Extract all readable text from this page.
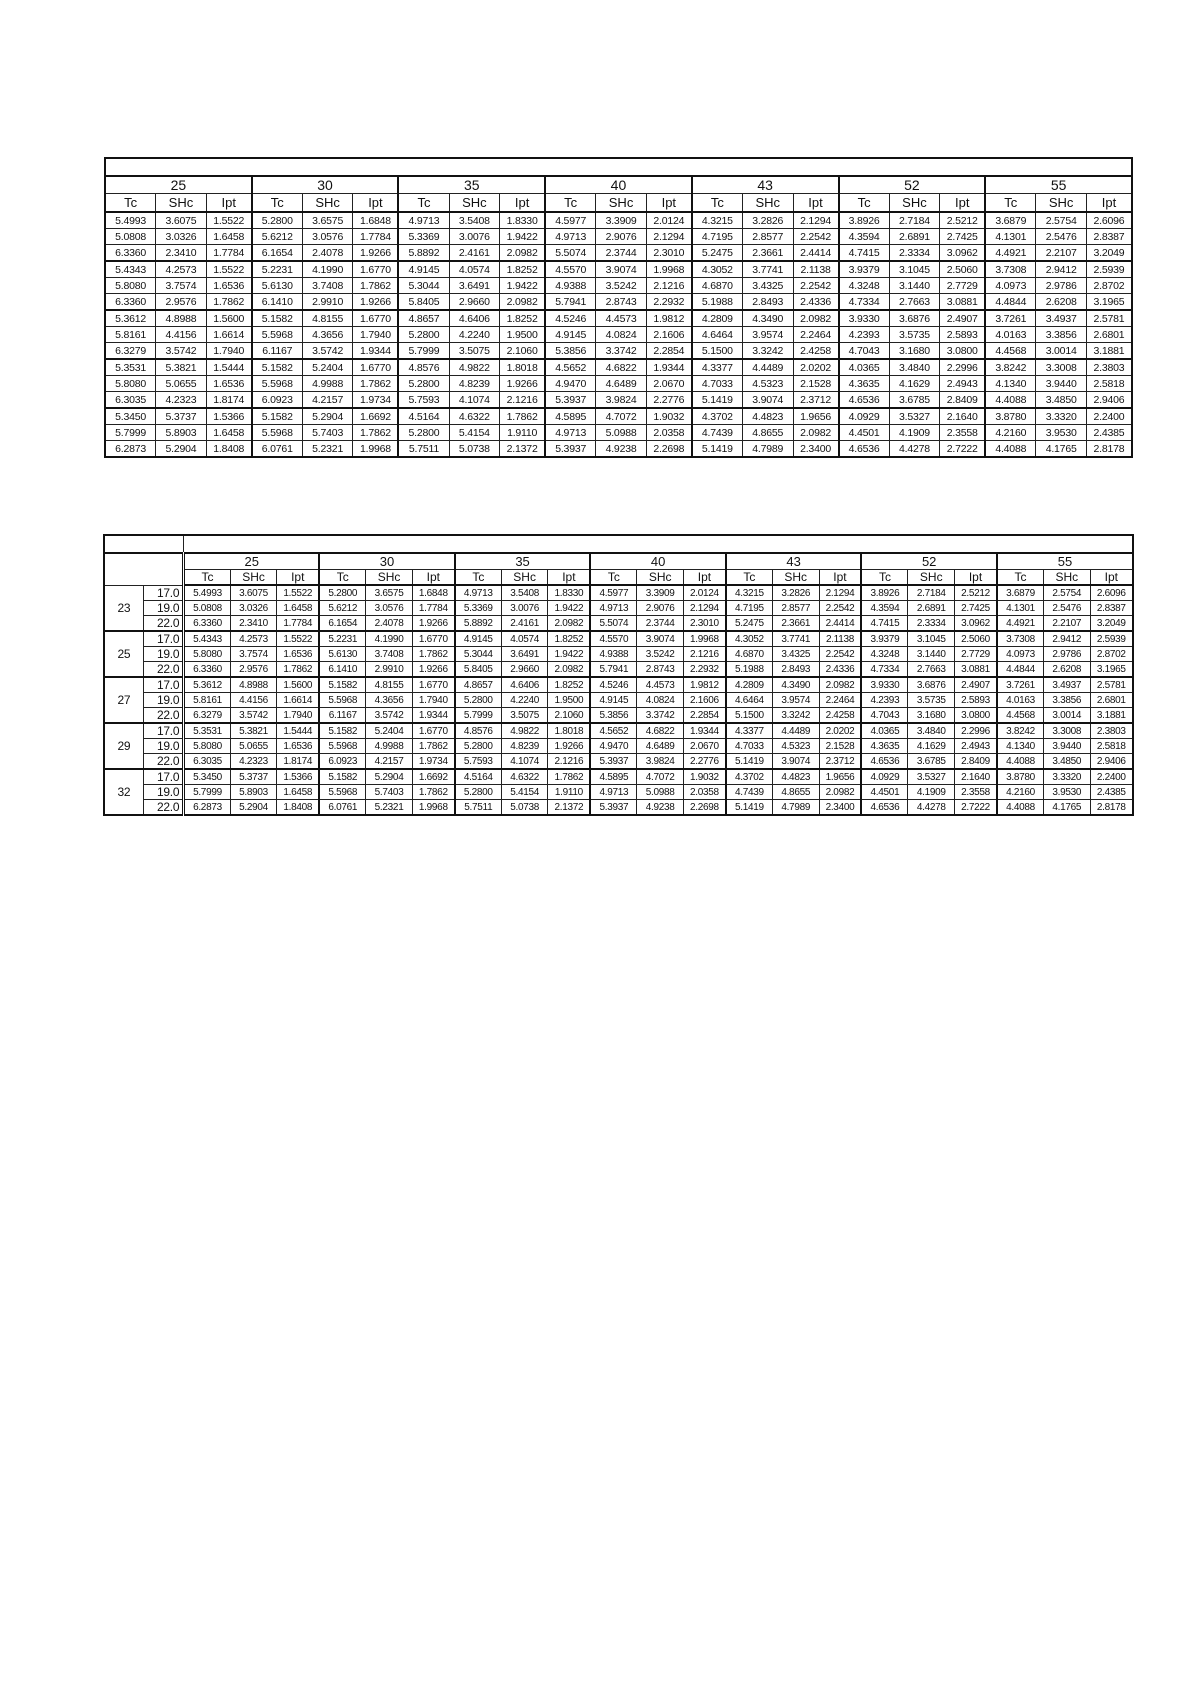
25			30			35			40			43			52			55		
Tc	SHc	Ipt	Tc	SHc	Ipt	Tc	SHc	Ipt	Tc	SHc	Ipt	Tc	SHc	Ipt	Tc	SHc	Ipt	Tc	SHc	Ipt
5.4993	3.6075	1.5522	5.2800	3.6575	1.6848	4.9713	3.5408	1.8330	4.5977	3.3909	2.0124	4.3215	3.2826	2.1294	3.8926	2.7184	2.5212	3.6879	2.5754	2.6096
5.0808	3.0326	1.6458	5.6212	3.0576	1.7784	5.3369	3.0076	1.9422	4.9713	2.9076	2.1294	4.7195	2.8577	2.2542	4.3594	2.6891	2.7425	4.1301	2.5476	2.8387
6.3360	2.3410	1.7784	6.1654	2.4078	1.9266	5.8892	2.4161	2.0982	5.5074	2.3744	2.3010	5.2475	2.3661	2.4414	4.7415	2.3334	3.0962	4.4921	2.2107	3.2049
5.4343	4.2573	1.5522	5.2231	4.1990	1.6770	4.9145	4.0574	1.8252	4.5570	3.9074	1.9968	4.3052	3.7741	2.1138	3.9379	3.1045	2.5060	3.7308	2.9412	2.5939
5.8080	3.7574	1.6536	5.6130	3.7408	1.7862	5.3044	3.6491	1.9422	4.9388	3.5242	2.1216	4.6870	3.4325	2.2542	4.3248	3.1440	2.7729	4.0973	2.9786	2.8702
6.3360	2.9576	1.7862	6.1410	2.9910	1.9266	5.8405	2.9660	2.0982	5.7941	2.8743	2.2932	5.1988	2.8493	2.4336	4.7334	2.7663	3.0881	4.4844	2.6208	3.1965
5.3612	4.8988	1.5600	5.1582	4.8155	1.6770	4.8657	4.6406	1.8252	4.5246	4.4573	1.9812	4.2809	4.3490	2.0982	3.9330	3.6876	2.4907	3.7261	3.4937	2.5781
5.8161	4.4156	1.6614	5.5968	4.3656	1.7940	5.2800	4.2240	1.9500	4.9145	4.0824	2.1606	4.6464	3.9574	2.2464	4.2393	3.5735	2.5893	4.0163	3.3856	2.6801
6.3279	3.5742	1.7940	6.1167	3.5742	1.9344	5.7999	3.5075	2.1060	5.3856	3.3742	2.2854	5.1500	3.3242	2.4258	4.7043	3.1680	3.0800	4.4568	3.0014	3.1881
5.3531	5.3821	1.5444	5.1582	5.2404	1.6770	4.8576	4.9822	1.8018	4.5652	4.6822	1.9344	4.3377	4.4489	2.0202	4.0365	3.4840	2.2996	3.8242	3.3008	2.3803
5.8080	5.0655	1.6536	5.5968	4.9988	1.7862	5.2800	4.8239	1.9266	4.9470	4.6489	2.0670	4.7033	4.5323	2.1528	4.3635	4.1629	2.4943	4.1340	3.9440	2.5818
6.3035	4.2323	1.8174	6.0923	4.2157	1.9734	5.7593	4.1074	2.1216	5.3937	3.9824	2.2776	5.1419	3.9074	2.3712	4.6536	3.6785	2.8409	4.4088	3.4850	2.9406
5.3450	5.3737	1.5366	5.1582	5.2904	1.6692	4.5164	4.6322	1.7862	4.5895	4.7072	1.9032	4.3702	4.4823	1.9656	4.0929	3.5327	2.1640	3.8780	3.3320	2.2400
5.7999	5.8903	1.6458	5.5968	5.7403	1.7862	5.2800	5.4154	1.9110	4.9713	5.0988	2.0358	4.7439	4.8655	2.0982	4.4501	4.1909	2.3558	4.2160	3.9530	2.4385
6.2873	5.2904	1.8408	6.0761	5.2321	1.9968	5.7511	5.0738	2.1372	5.3937	4.9238	2.2698	5.1419	4.7989	2.3400	4.6536	4.4278	2.7222	4.4088	4.1765	2.8178

		25			30			35			40			43			52			55		
		Tc	SHc	Ipt	Tc	SHc	Ipt	Tc	SHc	Ipt	Tc	SHc	Ipt	Tc	SHc	Ipt	Tc	SHc	Ipt	Tc	SHc	Ipt
23	17.0	5.4993	3.6075	1.5522	5.2800	3.6575	1.6848	4.9713	3.5408	1.8330	4.5977	3.3909	2.0124	4.3215	3.2826	2.1294	3.8926	2.7184	2.5212	3.6879	2.5754	2.6096
	19.0	5.0808	3.0326	1.6458	5.6212	3.0576	1.7784	5.3369	3.0076	1.9422	4.9713	2.9076	2.1294	4.7195	2.8577	2.2542	4.3594	2.6891	2.7425	4.1301	2.5476	2.8387
	22.0	6.3360	2.3410	1.7784	6.1654	2.4078	1.9266	5.8892	2.4161	2.0982	5.5074	2.3744	2.3010	5.2475	2.3661	2.4414	4.7415	2.3334	3.0962	4.4921	2.2107	3.2049
25	17.0	5.4343	4.2573	1.5522	5.2231	4.1990	1.6770	4.9145	4.0574	1.8252	4.5570	3.9074	1.9968	4.3052	3.7741	2.1138	3.9379	3.1045	2.5060	3.7308	2.9412	2.5939
	19.0	5.8080	3.7574	1.6536	5.6130	3.7408	1.7862	5.3044	3.6491	1.9422	4.9388	3.5242	2.1216	4.6870	3.4325	2.2542	4.3248	3.1440	2.7729	4.0973	2.9786	2.8702
	22.0	6.3360	2.9576	1.7862	6.1410	2.9910	1.9266	5.8405	2.9660	2.0982	5.7941	2.8743	2.2932	5.1988	2.8493	2.4336	4.7334	2.7663	3.0881	4.4844	2.6208	3.1965
27	17.0	5.3612	4.8988	1.5600	5.1582	4.8155	1.6770	4.8657	4.6406	1.8252	4.5246	4.4573	1.9812	4.2809	4.3490	2.0982	3.9330	3.6876	2.4907	3.7261	3.4937	2.5781
	19.0	5.8161	4.4156	1.6614	5.5968	4.3656	1.7940	5.2800	4.2240	1.9500	4.9145	4.0824	2.1606	4.6464	3.9574	2.2464	4.2393	3.5735	2.5893	4.0163	3.3856	2.6801
	22.0	6.3279	3.5742	1.7940	6.1167	3.5742	1.9344	5.7999	3.5075	2.1060	5.3856	3.3742	2.2854	5.1500	3.3242	2.4258	4.7043	3.1680	3.0800	4.4568	3.0014	3.1881
29	17.0	5.3531	5.3821	1.5444	5.1582	5.2404	1.6770	4.8576	4.9822	1.8018	4.5652	4.6822	1.9344	4.3377	4.4489	2.0202	4.0365	3.4840	2.2996	3.8242	3.3008	2.3803
	19.0	5.8080	5.0655	1.6536	5.5968	4.9988	1.7862	5.2800	4.8239	1.9266	4.9470	4.6489	2.0670	4.7033	4.5323	2.1528	4.3635	4.1629	2.4943	4.1340	3.9440	2.5818
	22.0	6.3035	4.2323	1.8174	6.0923	4.2157	1.9734	5.7593	4.1074	2.1216	5.3937	3.9824	2.2776	5.1419	3.9074	2.3712	4.6536	3.6785	2.8409	4.4088	3.4850	2.9406
32	17.0	5.3450	5.3737	1.5366	5.1582	5.2904	1.6692	4.5164	4.6322	1.7862	4.5895	4.7072	1.9032	4.3702	4.4823	1.9656	4.0929	3.5327	2.1640	3.8780	3.3320	2.2400
	19.0	5.7999	5.8903	1.6458	5.5968	5.7403	1.7862	5.2800	5.4154	1.9110	4.9713	5.0988	2.0358	4.7439	4.8655	2.0982	4.4501	4.1909	2.3558	4.2160	3.9530	2.4385
	22.0	6.2873	5.2904	1.8408	6.0761	5.2321	1.9968	5.7511	5.0738	2.1372	5.3937	4.9238	2.2698	5.1419	4.7989	2.3400	4.6536	4.4278	2.7222	4.4088	4.1765	2.8178
